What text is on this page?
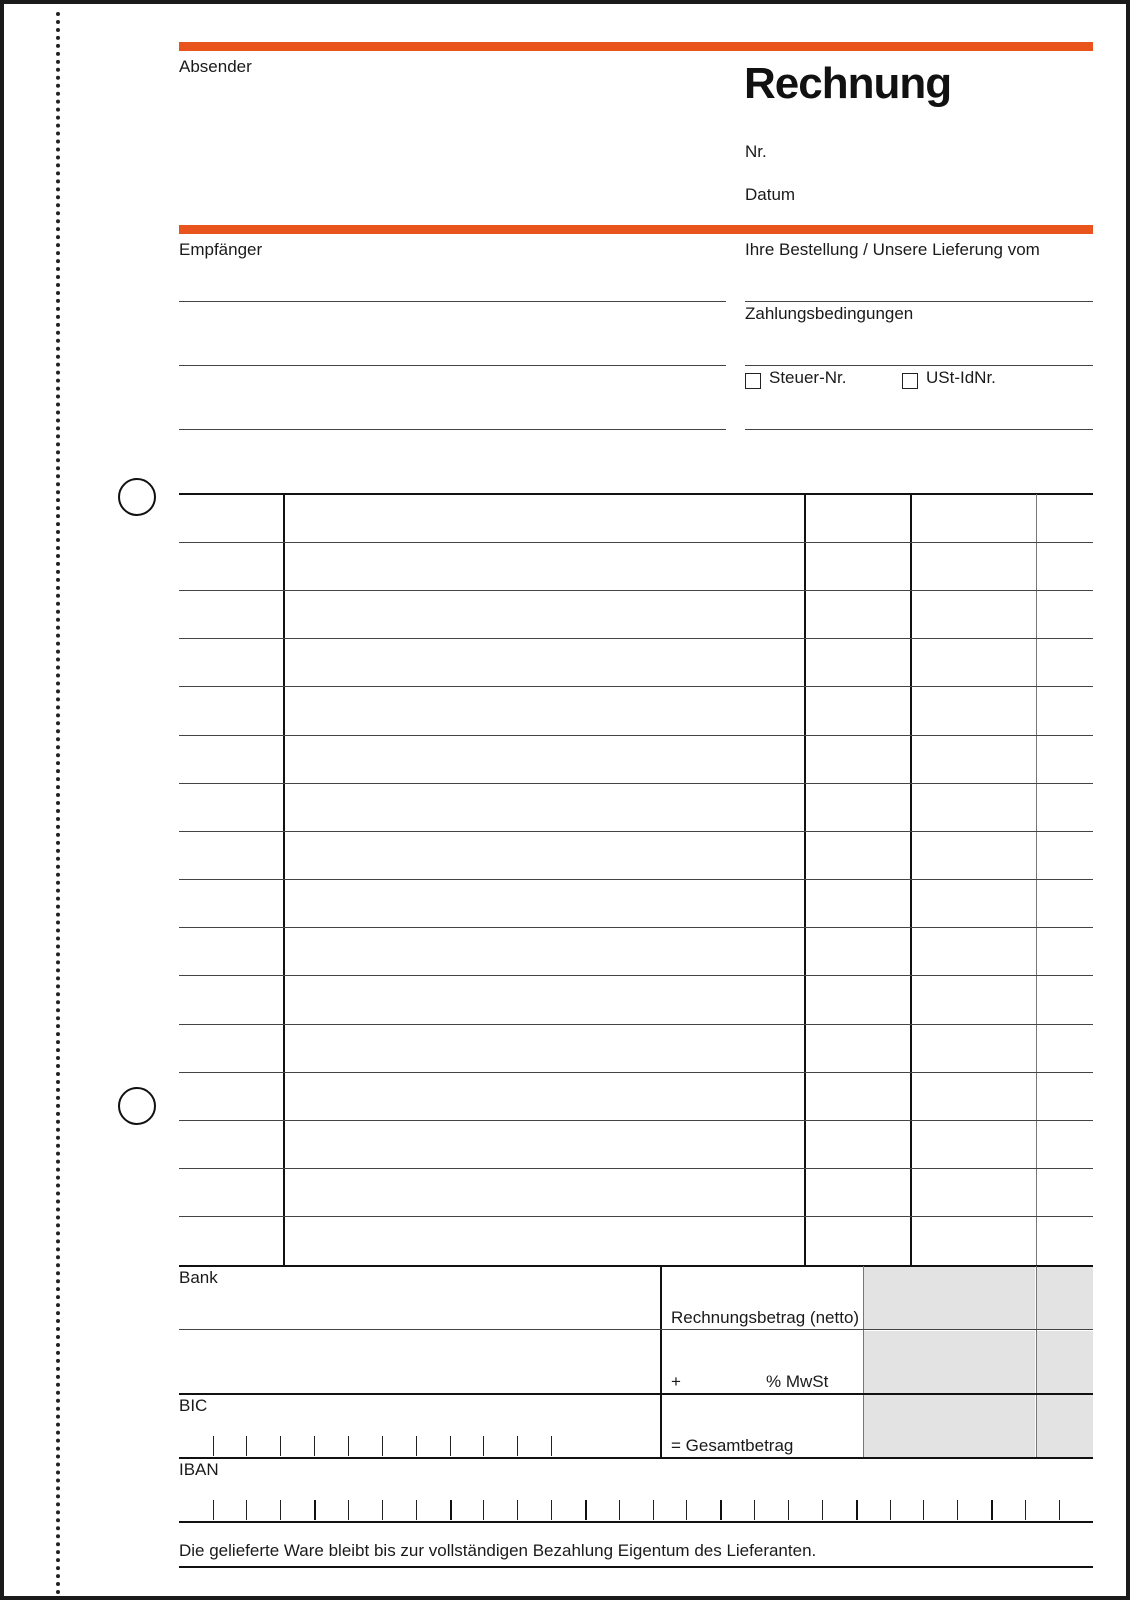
Absender	Rechnung
Nr.
Datum
Empfänger	Ihre Bestellung / Unsere Lieferung vom
Zahlungsbedingungen
Steuer-Nr.	USt-IdNr.
Bank
Rechnungsbetrag (netto)
+	% MwSt
BIC
= Gesamtbetrag
IBAN
Die gelieferte Ware bleibt bis zur vollständigen Bezahlung Eigentum des Lieferanten.
